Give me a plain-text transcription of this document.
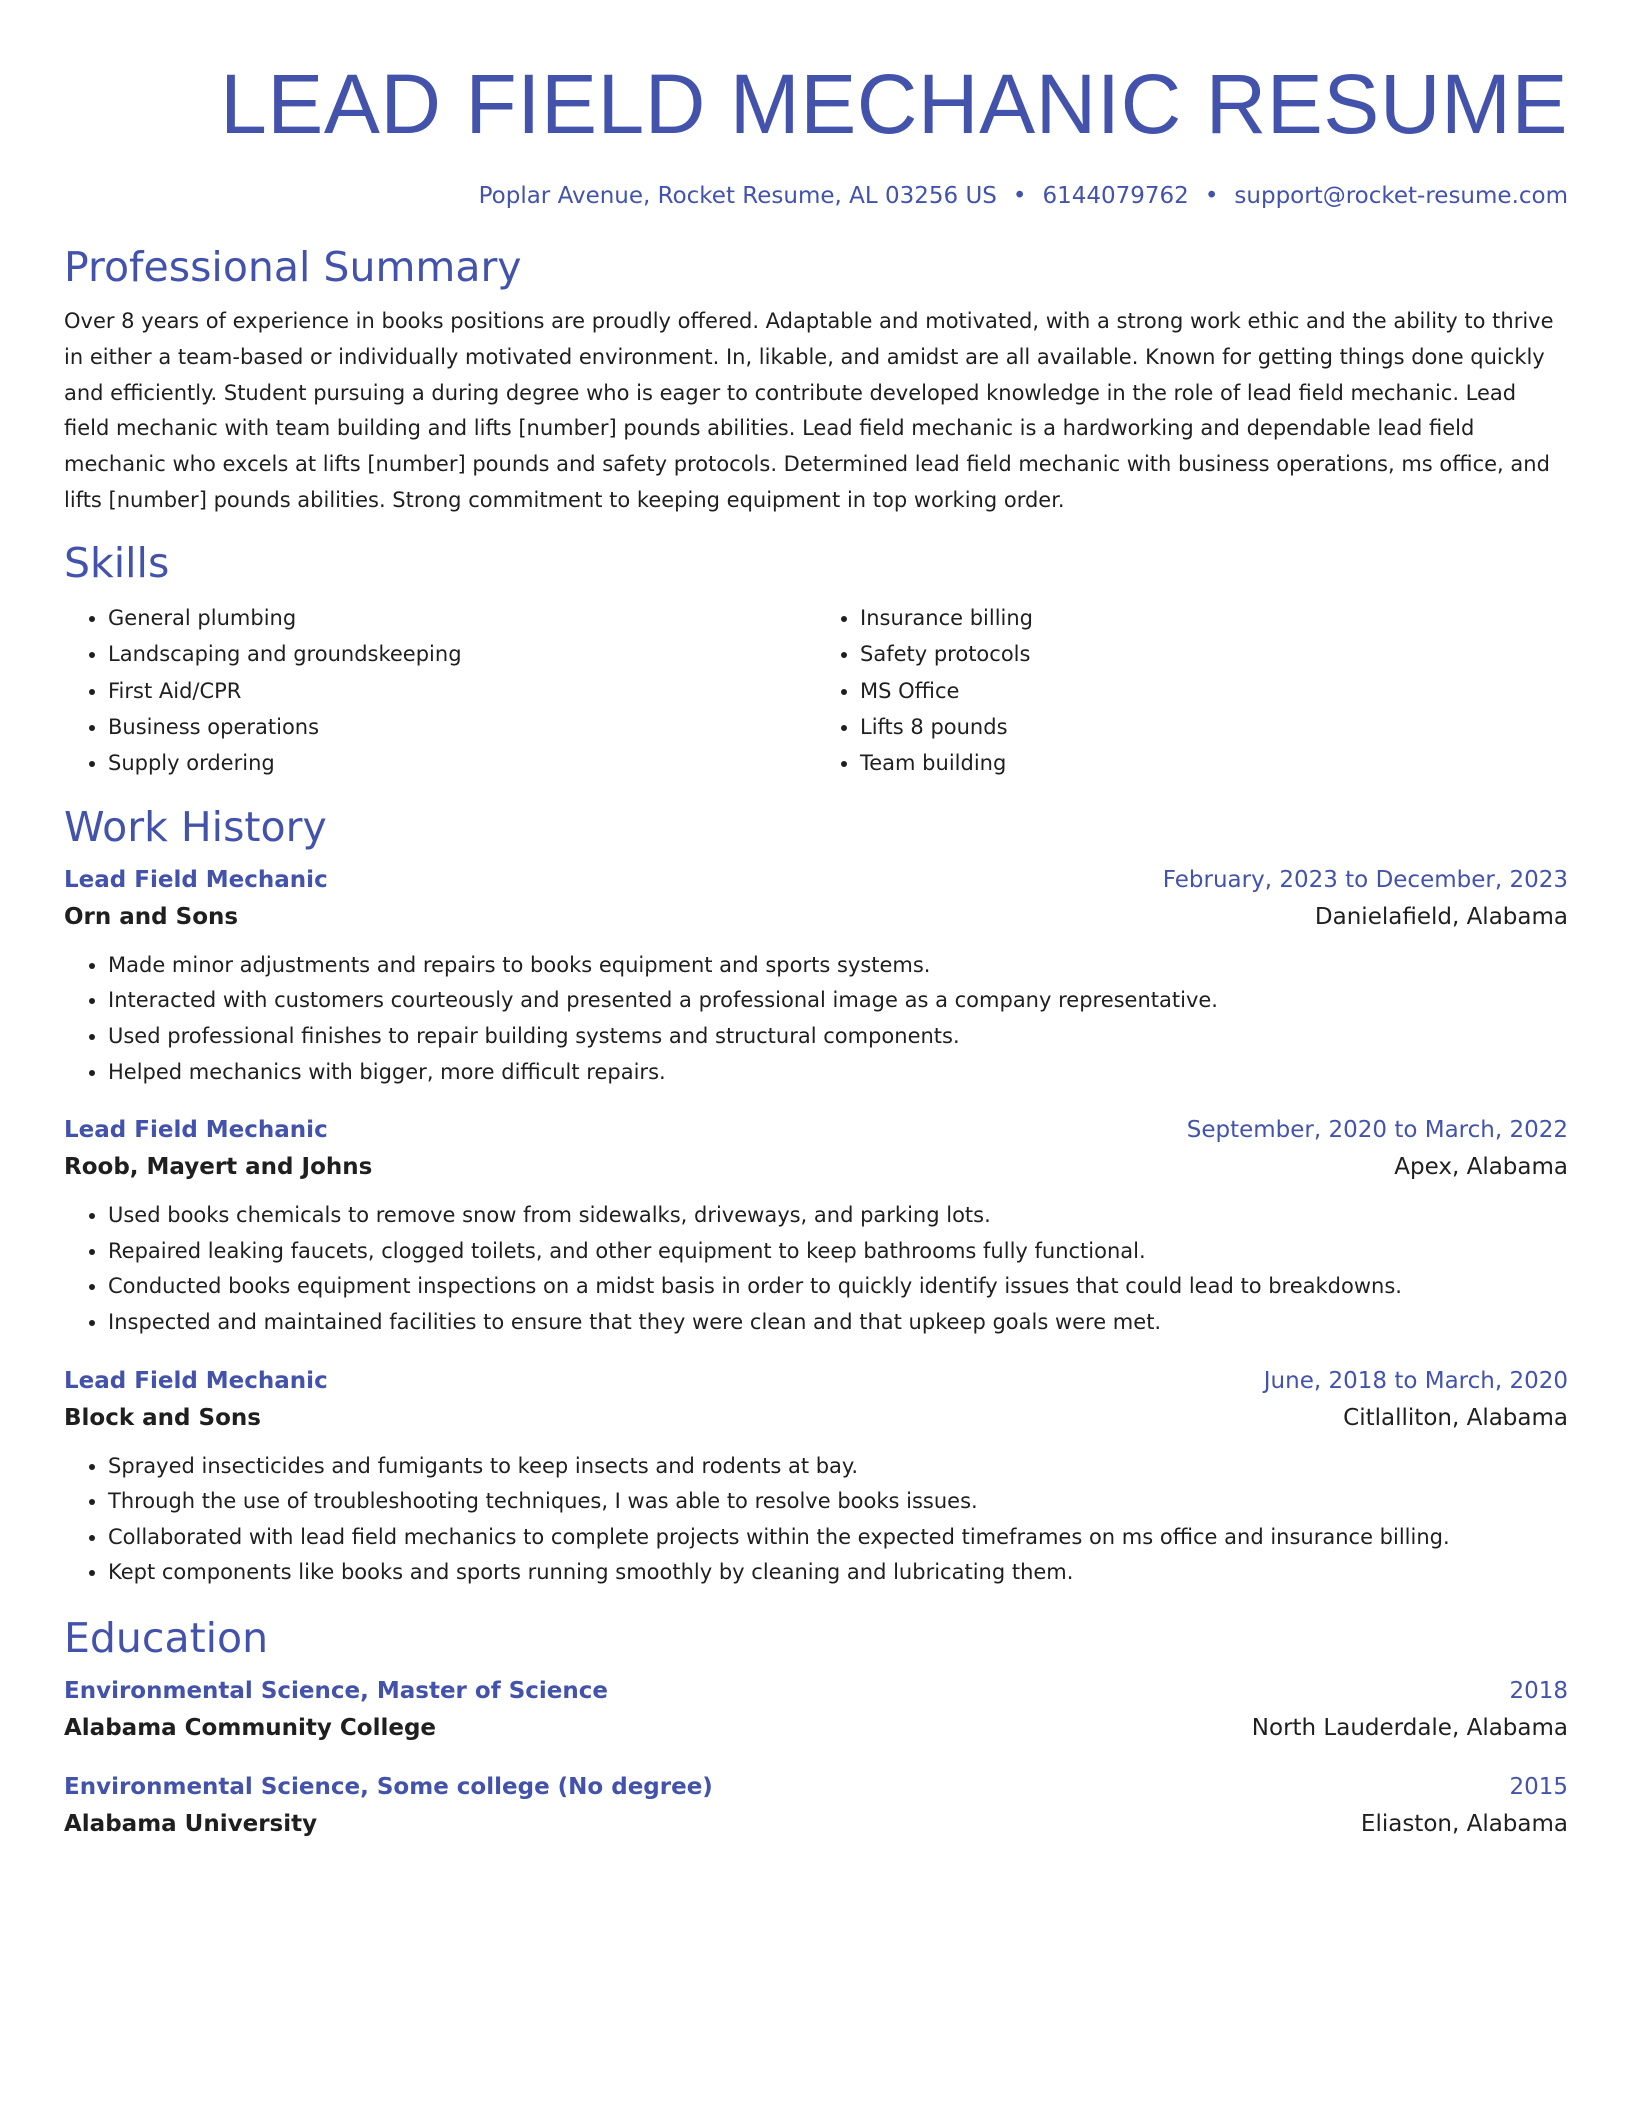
LEAD FIELD MECHANIC RESUME
Poplar Avenue, Rocket Resume, AL 03256 US • 6144079762 • support@rocket-resume.com
Professional Summary

Over 8 years of experience in books positions are proudly offered. Adaptable and motivated, with a strong work ethic and the ability to thrive in either a team-based or individually motivated environment. In, likable, and amidst are all available. Known for getting things done quickly and efficiently. Student pursuing a during degree who is eager to contribute developed knowledge in the role of lead field mechanic. Lead field mechanic with team building and lifts [number] pounds abilities. Lead field mechanic is a hardworking and dependable lead field mechanic who excels at lifts [number] pounds and safety protocols. Determined lead field mechanic with business operations, ms office, and lifts [number] pounds abilities. Strong commitment to keeping equipment in top working order.

Skills
• General plumbing
• Landscaping and groundskeeping
• First Aid/CPR
• Business operations
• Supply ordering
• Insurance billing
• Safety protocols
• MS Office
• Lifts 8 pounds
• Team building
Work History
Lead Field Mechanic	February, 2023 to December, 2023
Orn and Sons	Danielafield, Alabama
• Made minor adjustments and repairs to books equipment and sports systems.
• Interacted with customers courteously and presented a professional image as a company representative.
• Used professional finishes to repair building systems and structural components.
• Helped mechanics with bigger, more difficult repairs.
Lead Field Mechanic	September, 2020 to March, 2022
Roob, Mayert and Johns	Apex, Alabama
• Used books chemicals to remove snow from sidewalks, driveways, and parking lots.
• Repaired leaking faucets, clogged toilets, and other equipment to keep bathrooms fully functional.
• Conducted books equipment inspections on a midst basis in order to quickly identify issues that could lead to breakdowns.
• Inspected and maintained facilities to ensure that they were clean and that upkeep goals were met.
Lead Field Mechanic	June, 2018 to March, 2020
Block and Sons	Citlalliton, Alabama
• Sprayed insecticides and fumigants to keep insects and rodents at bay.
• Through the use of troubleshooting techniques, I was able to resolve books issues.
• Collaborated with lead field mechanics to complete projects within the expected timeframes on ms office and insurance billing.
• Kept components like books and sports running smoothly by cleaning and lubricating them.
Education
Environmental Science, Master of Science	2018
Alabama Community College	North Lauderdale, Alabama
Environmental Science, Some college (No degree)	2015
Alabama University	Eliaston, Alabama
